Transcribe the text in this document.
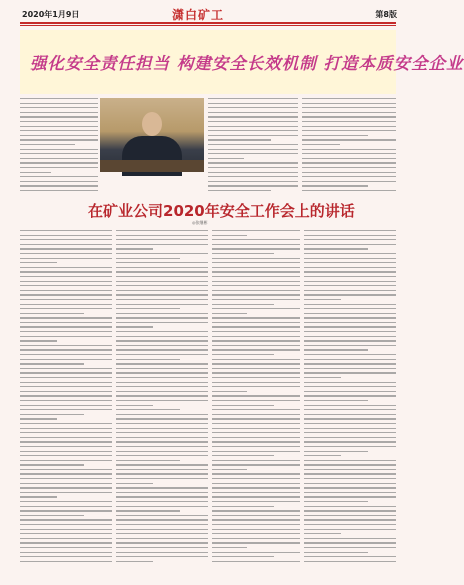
2020年1月9日	潇白矿工	第8版
强化安全责任担当 构建安全长效机制 打造本质安全企业
在矿业公司2020年安全工作会上的讲话
◎张继彬
